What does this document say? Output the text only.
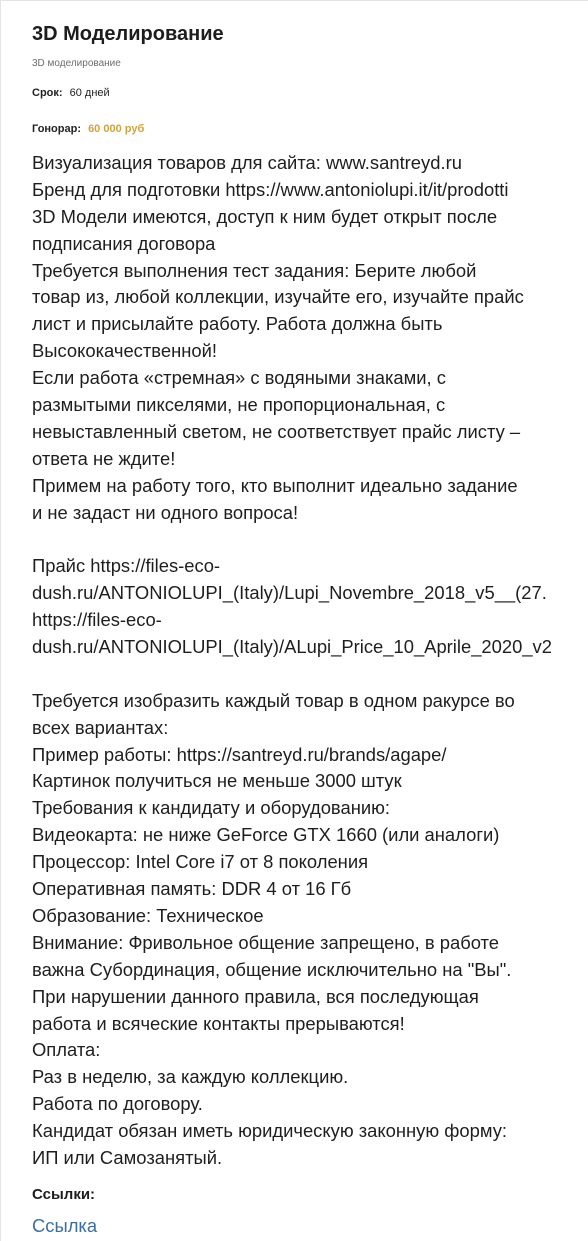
3D Моделирование
3D моделирование
Срок: 60 дней
Гонорар: 60 000 руб
Визуализация товаров для сайта: www.santreyd.ru
Бренд для подготовки https://www.antoniolupi.it/it/prodotti
3D Модели имеются, доступ к ним будет открыт после
подписания договора
Требуется выполнения тест задания: Берите любой
товар из, любой коллекции, изучайте его, изучайте прайс
лист и присылайте работу. Работа должна быть
Высококачественной!
Если работа «стремная» с водяными знаками, с
размытыми пикселями, не пропорциональная, с
невыставленный светом, не соответствует прайс листу –
ответа не ждите!
Примем на работу того, кто выполнит идеально задание
и не задаст ни одного вопроса!
Прайс https://files-eco-
dush.ru/ANTONIOLUPI_(Italy)/Lupi_Novembre_2018_v5__(27.
https://files-eco-
dush.ru/ANTONIOLUPI_(Italy)/ALupi_Price_10_Aprile_2020_v2
Требуется изобразить каждый товар в одном ракурсе во
всех вариантах:
Пример работы: https://santreyd.ru/brands/agape/
Картинок получиться не меньше 3000 штук
Требования к кандидату и оборудованию:
Видеокарта: не ниже GeForce GTX 1660 (или аналоги)
Процессор: Intel Core i7 от 8 поколения
Оперативная память: DDR 4 от 16 Гб
Образование: Техническое
Внимание: Фривольное общение запрещено, в работе
важна Субординация, общение исключительно на "Вы".
При нарушении данного правила, вся последующая
работа и всяческие контакты прерываются!
Оплата:
Раз в неделю, за каждую коллекцию.
Работа по договору.
Кандидат обязан иметь юридическую законную форму:
ИП или Самозанятый.
Ссылки:
Ссылка
